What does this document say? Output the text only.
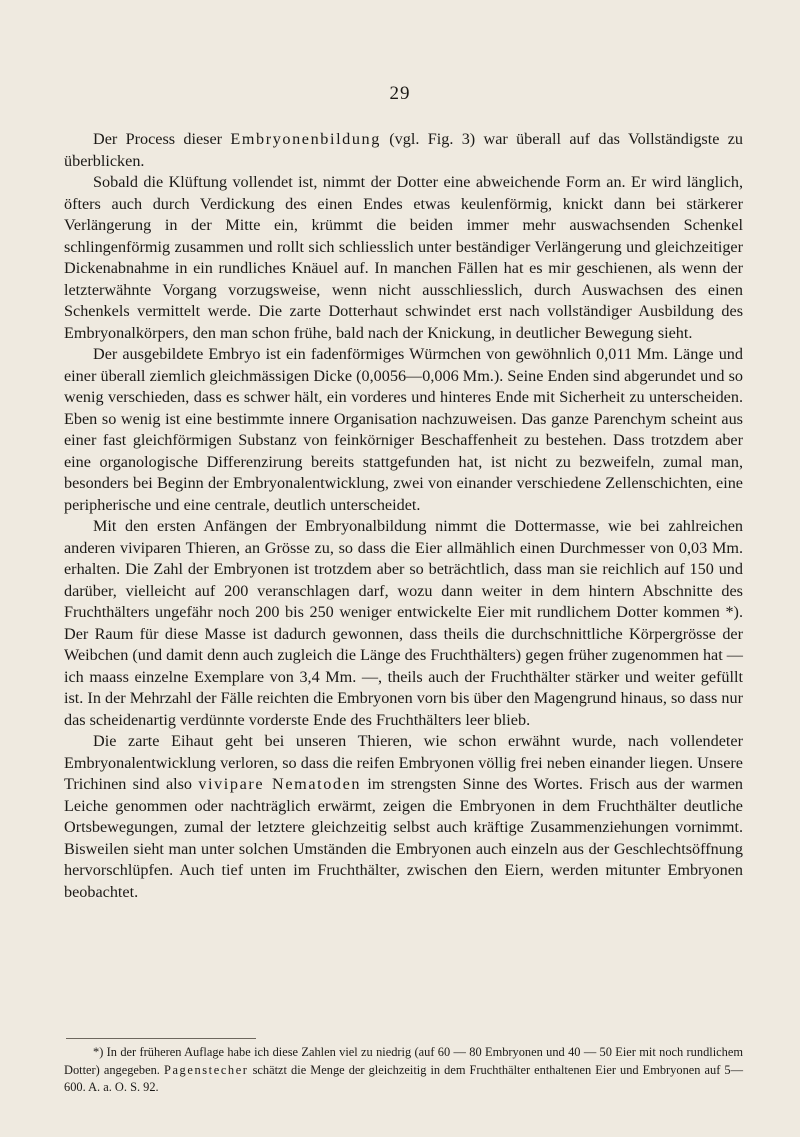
29

Der Process dieser Embryonenbildung (vgl. Fig. 3) war überall auf das Vollständigste zu überblicken.

Sobald die Klüftung vollendet ist, nimmt der Dotter eine abweichende Form an. Er wird länglich, öfters auch durch Verdickung des einen Endes etwas keulenförmig, knickt dann bei stärkerer Verlängerung in der Mitte ein, krümmt die beiden immer mehr auswachsenden Schenkel schlingenförmig zusammen und rollt sich schliesslich unter beständiger Verlängerung und gleichzeitiger Dickenabnahme in ein rundliches Knäuel auf. In manchen Fällen hat es mir geschienen, als wenn der letzterwähnte Vorgang vorzugsweise, wenn nicht ausschliesslich, durch Auswachsen des einen Schenkels vermittelt werde. Die zarte Dotterhaut schwindet erst nach vollständiger Ausbildung des Embryonalkörpers, den man schon frühe, bald nach der Knickung, in deutlicher Bewegung sieht.

Der ausgebildete Embryo ist ein fadenförmiges Würmchen von gewöhnlich 0,011 Mm. Länge und einer überall ziemlich gleichmässigen Dicke (0,0056—0,006 Mm.). Seine Enden sind abgerundet und so wenig verschieden, dass es schwer hält, ein vorderes und hinteres Ende mit Sicherheit zu unterscheiden. Eben so wenig ist eine bestimmte innere Organisation nachzuweisen. Das ganze Parenchym scheint aus einer fast gleichförmigen Substanz von feinkörniger Beschaffenheit zu bestehen. Dass trotzdem aber eine organologische Differenzirung bereits stattgefunden hat, ist nicht zu bezweifeln, zumal man, besonders bei Beginn der Embryonalentwicklung, zwei von einander verschiedene Zellenschichten, eine peripherische und eine centrale, deutlich unterscheidet.

Mit den ersten Anfängen der Embryonalbildung nimmt die Dottermasse, wie bei zahlreichen anderen viviparen Thieren, an Grösse zu, so dass die Eier allmählich einen Durchmesser von 0,03 Mm. erhalten. Die Zahl der Embryonen ist trotzdem aber so beträchtlich, dass man sie reichlich auf 150 und darüber, vielleicht auf 200 veranschlagen darf, wozu dann weiter in dem hintern Abschnitte des Fruchthälters ungefähr noch 200 bis 250 weniger entwickelte Eier mit rundlichem Dotter kommen *). Der Raum für diese Masse ist dadurch gewonnen, dass theils die durchschnittliche Körpergrösse der Weibchen (und damit denn auch zugleich die Länge des Fruchthälters) gegen früher zugenommen hat — ich maass einzelne Exemplare von 3,4 Mm. —, theils auch der Fruchthälter stärker und weiter gefüllt ist. In der Mehrzahl der Fälle reichten die Embryonen vorn bis über den Magengrund hinaus, so dass nur das scheidenartig verdünnte vorderste Ende des Fruchthälters leer blieb.

Die zarte Eihaut geht bei unseren Thieren, wie schon erwähnt wurde, nach vollendeter Embryonalentwicklung verloren, so dass die reifen Embryonen völlig frei neben einander liegen. Unsere Trichinen sind also vivipare Nematoden im strengsten Sinne des Wortes. Frisch aus der warmen Leiche genommen oder nachträglich erwärmt, zeigen die Embryonen in dem Fruchthälter deutliche Ortsbewegungen, zumal der letztere gleichzeitig selbst auch kräftige Zusammenziehungen vornimmt. Bisweilen sieht man unter solchen Umständen die Embryonen auch einzeln aus der Geschlechtsöffnung hervorschlüpfen. Auch tief unten im Fruchthälter, zwischen den Eiern, werden mitunter Embryonen beobachtet.

*) In der früheren Auflage habe ich diese Zahlen viel zu niedrig (auf 60 — 80 Embryonen und 40 — 50 Eier mit noch rundlichem Dotter) angegeben. Pagenstecher schätzt die Menge der gleichzeitig in dem Fruchthälter enthaltenen Eier und Embryonen auf 5—600. A. a. O. S. 92.
